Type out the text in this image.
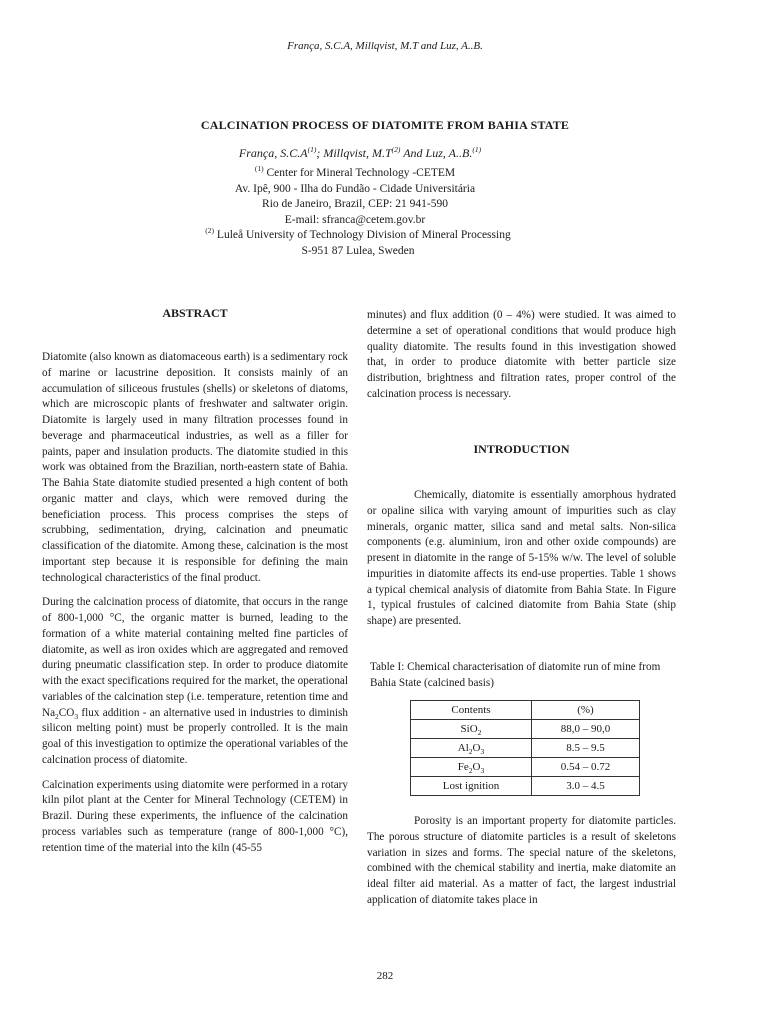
França, S.C.A, Millqvist, M.T and Luz, A..B.
CALCINATION PROCESS OF DIATOMITE FROM BAHIA STATE
França, $S.C.A^{(1)}$; Millqvist, $M.T^{(2)}$ And Luz, A..B.$^{(1)}$
$^{(1)}$ Center for Mineral Technology -CETEM
Av. Ipê, 900 - Ilha do Fundão - Cidade Universitária
Rio de Janeiro, Brazil, CEP: 21 941-590
E-mail: sfranca@cetem.gov.br
$^{(2)}$ Luleå University of Technology Division of Mineral Processing
S-951 87 Lulea, Sweden
ABSTRACT

Diatomite (also known as diatomaceous earth) is a sedimentary rock of marine or lacustrine deposition. It consists mainly of an accumulation of siliceous frustules (shells) or skeletons of diatoms, which are microscopic plants of freshwater and saltwater origin. Diatomite is largely used in many filtration processes found in beverage and pharmaceutical industries, as well as a filler for paints, paper and insulation products. The diatomite studied in this work was obtained from the Brazilian, north-eastern state of Bahia. The Bahia State diatomite studied presented a high content of both organic matter and clays, which were removed during the beneficiation process. This process comprises the steps of scrubbing, sedimentation, drying, calcination and pneumatic classification of the diatomite. Among these, calcination is the most important step because it is responsible for defining the main technological characteristics of the final product.

During the calcination process of diatomite, that occurs in the range of 800-1,000 °C, the organic matter is burned, leading to the formation of a white material containing melted fine particles of diatomite, as well as iron oxides which are aggregated and removed during pneumatic classification step. In order to produce diatomite with the exact specifications required for the market, the operational variables of the calcination step (i.e. temperature, retention time and $Na_2CO_3$ flux addition - an alternative used in industries to diminish silicon melting point) must be properly controlled. It is the main goal of this investigation to optimize the operational variables of the calcination process of diatomite.

Calcination experiments using diatomite were performed in a rotary kiln pilot plant at the Center for Mineral Technology (CETEM) in Brazil. During these experiments, the influence of the calcination process variables such as temperature (range of 800-1,000 °C), retention time of the material into the kiln (45-55

minutes) and flux addition (0 – 4%) were studied. It was aimed to determine a set of operational conditions that would produce high quality diatomite. The results found in this investigation showed that, in order to produce diatomite with better particle size distribution, brightness and filtration rates, proper control of the calcination process is necessary.
INTRODUCTION

Chemically, diatomite is essentially amorphous hydrated or opaline silica with varying amount of impurities such as clay minerals, organic matter, silica sand and metal salts. Non-silica components (e.g. aluminium, iron and other oxide compounds) are present in diatomite in the range of 5-15% w/w. The level of soluble impurities in diatomite affects its end-use properties. Table 1 shows a typical chemical analysis of diatomite from Bahia State. In Figure 1, typical frustules of calcined diatomite from Bahia State (ship shape) are presented.

Table I: Chemical characterisation of diatomite run of mine from Bahia State (calcined basis)
Contents	(%)
SiO$_2$	88,0 – 90,0
$Al_2O_3$	8.5 – 9.5
$Fe_2O_3$	0.54 – 0.72
Lost ignition	3.0 – 4.5

Porosity is an important property for diatomite particles. The porous structure of diatomite particles is a result of skeletons variation in sizes and forms. The special nature of the skeletons, combined with the chemical stability and inertia, make diatomite an ideal filter aid material. As a matter of fact, the largest industrial application of diatomite takes place in

282
